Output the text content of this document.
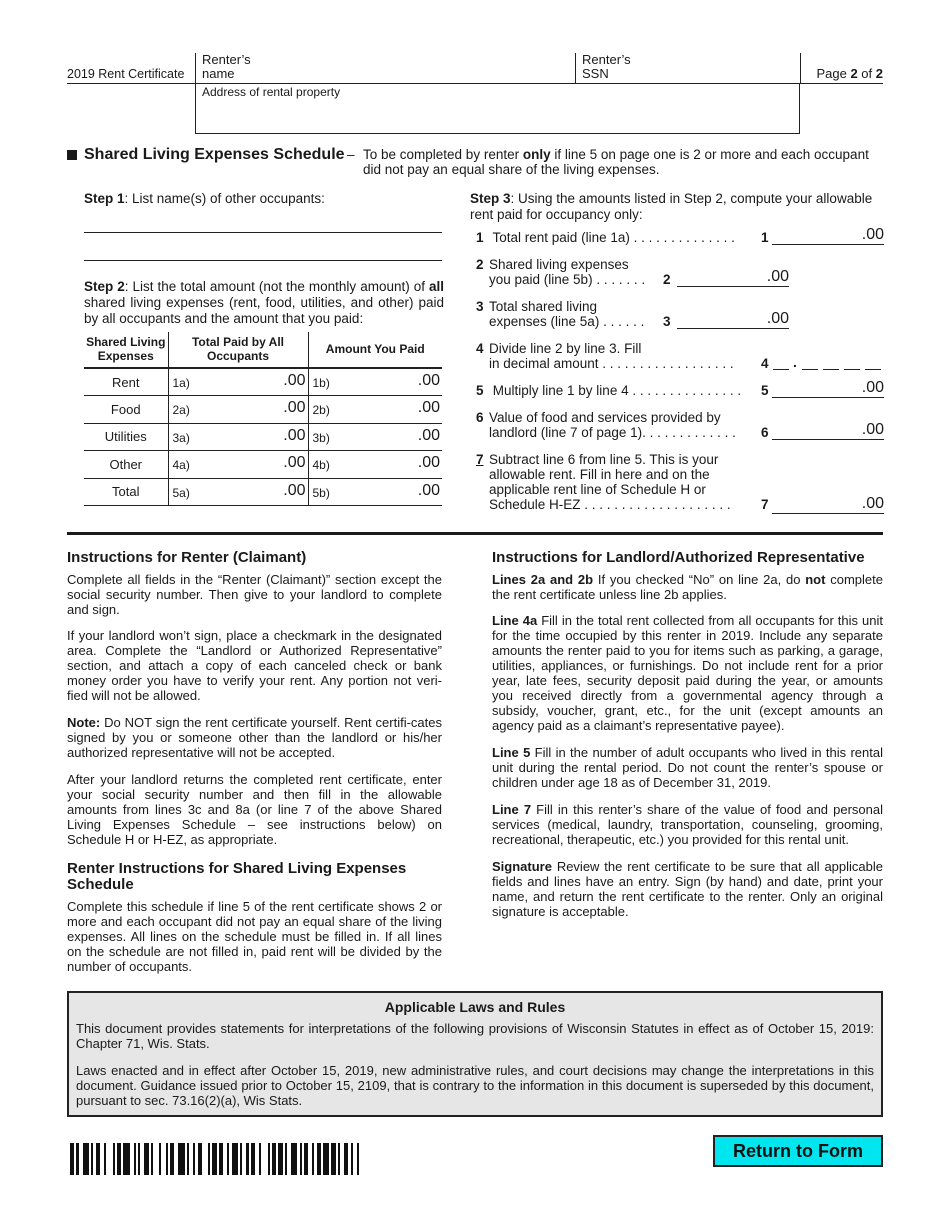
2019 Rent Certificate
Renter’s
name
Renter’s
SSN	Page 2 of 2
Address of rental property
Shared Living Expenses Schedule – To be completed by renter only if line 5 on page one is 2 or more and each occupant
did not pay an equal share of the living expenses.
Step 1: List name(s) of other occupants:
Step 2: List the total amount (not the monthly amount) of all shared living expenses (rent, food, utilities, and other) paid by all occupants and the amount that you paid:
Shared Living Expenses	Total Paid by All Occupants	Amount You Paid
Rent	1a) .00	1b) .00

Food	2a) .00	2b) .00

Utilities	3a) .00	3b) .00

Other	4a) .00	4b) .00

Total	5a) .00	5b) .00
Step 3: Using the amounts listed in Step 2, compute your allowable rent paid for occupancy only:
1 Total rent paid (line 1a) . . . . . . . . . . . . . . 1	.00
2 Shared living expenses
you paid (line 5b) . . . . . . . 2	.00
3 Total shared living
expenses (line 5a) . . . . . . 3	.00
4 Divide line 2 by line 3. Fill
in decimal amount . . . . . . . . . . . . . . . . . . 4 .
5 Multiply line 1 by line 4 . . . . . . . . . . . . . . . 5	.00
6 Value of food and services provided by
landlord (line 7 of page 1). . . . . . . . . . . . . 6	.00
7 Subtract line 6 from line 5. This is your
allowable rent. Fill in here and on the
applicable rent line of Schedule H or
Schedule H-EZ . . . . . . . . . . . . . . . . . . . . 7	.00
Instructions for Renter (Claimant)
Complete all fields in the “Renter (Claimant)” section except the social security number. Then give to your landlord to complete and sign.
If your landlord won’t sign, place a checkmark in the designated area. Complete the “Landlord or Authorized Representative” section, and attach a copy of each canceled check or bank money order you have to verify your rent. Any portion not veri-fied will not be allowed.
Note: Do NOT sign the rent certificate yourself. Rent certifi-cates signed by you or someone other than the landlord or his/her authorized representative will not be accepted.
After your landlord returns the completed rent certificate, enter your social security number and then fill in the allowable amounts from lines 3c and 8a (or line 7 of the above Shared Living Expenses Schedule – see instructions below) on Schedule H or H-EZ, as appropriate.
Renter Instructions for Shared Living Expenses Schedule
Complete this schedule if line 5 of the rent certificate shows 2 or more and each occupant did not pay an equal share of the living expenses. All lines on the schedule must be filled in. If all lines on the schedule are not filled in, paid rent will be divided by the number of occupants.
Instructions for Landlord/Authorized Representative
Lines 2a and 2b If you checked “No” on line 2a, do not complete the rent certificate unless line 2b applies.
Line 4a Fill in the total rent collected from all occupants for this unit for the time occupied by this renter in 2019. Include any separate amounts the renter paid to you for items such as parking, a garage, utilities, appliances, or furnishings. Do not include rent for a prior year, late fees, security deposit paid during the year, or amounts you received directly from a governmental agency through a subsidy, voucher, grant, etc., for the unit (except amounts an agency paid as a claimant’s representative payee).
Line 5 Fill in the number of adult occupants who lived in this rental unit during the rental period. Do not count the renter’s spouse or children under age 18 as of December 31, 2019.
Line 7 Fill in this renter’s share of the value of food and personal services (medical, laundry, transportation, counseling, grooming, recreational, therapeutic, etc.) you provided for this rental unit.
Signature Review the rent certificate to be sure that all applicable fields and lines have an entry. Sign (by hand) and date, print your name, and return the rent certificate to the renter. Only an original signature is acceptable.
Applicable Laws and Rules
This document provides statements for interpretations of the following provisions of Wisconsin Statutes in effect as of October 15, 2019: Chapter 71, Wis. Stats.
Laws enacted and in effect after October 15, 2019, new administrative rules, and court decisions may change the interpretations in this document. Guidance issued prior to October 15, 2109, that is contrary to the information in this document is superseded by this document, pursuant to sec. 73.16(2)(a), Wis Stats.
Return to Form
